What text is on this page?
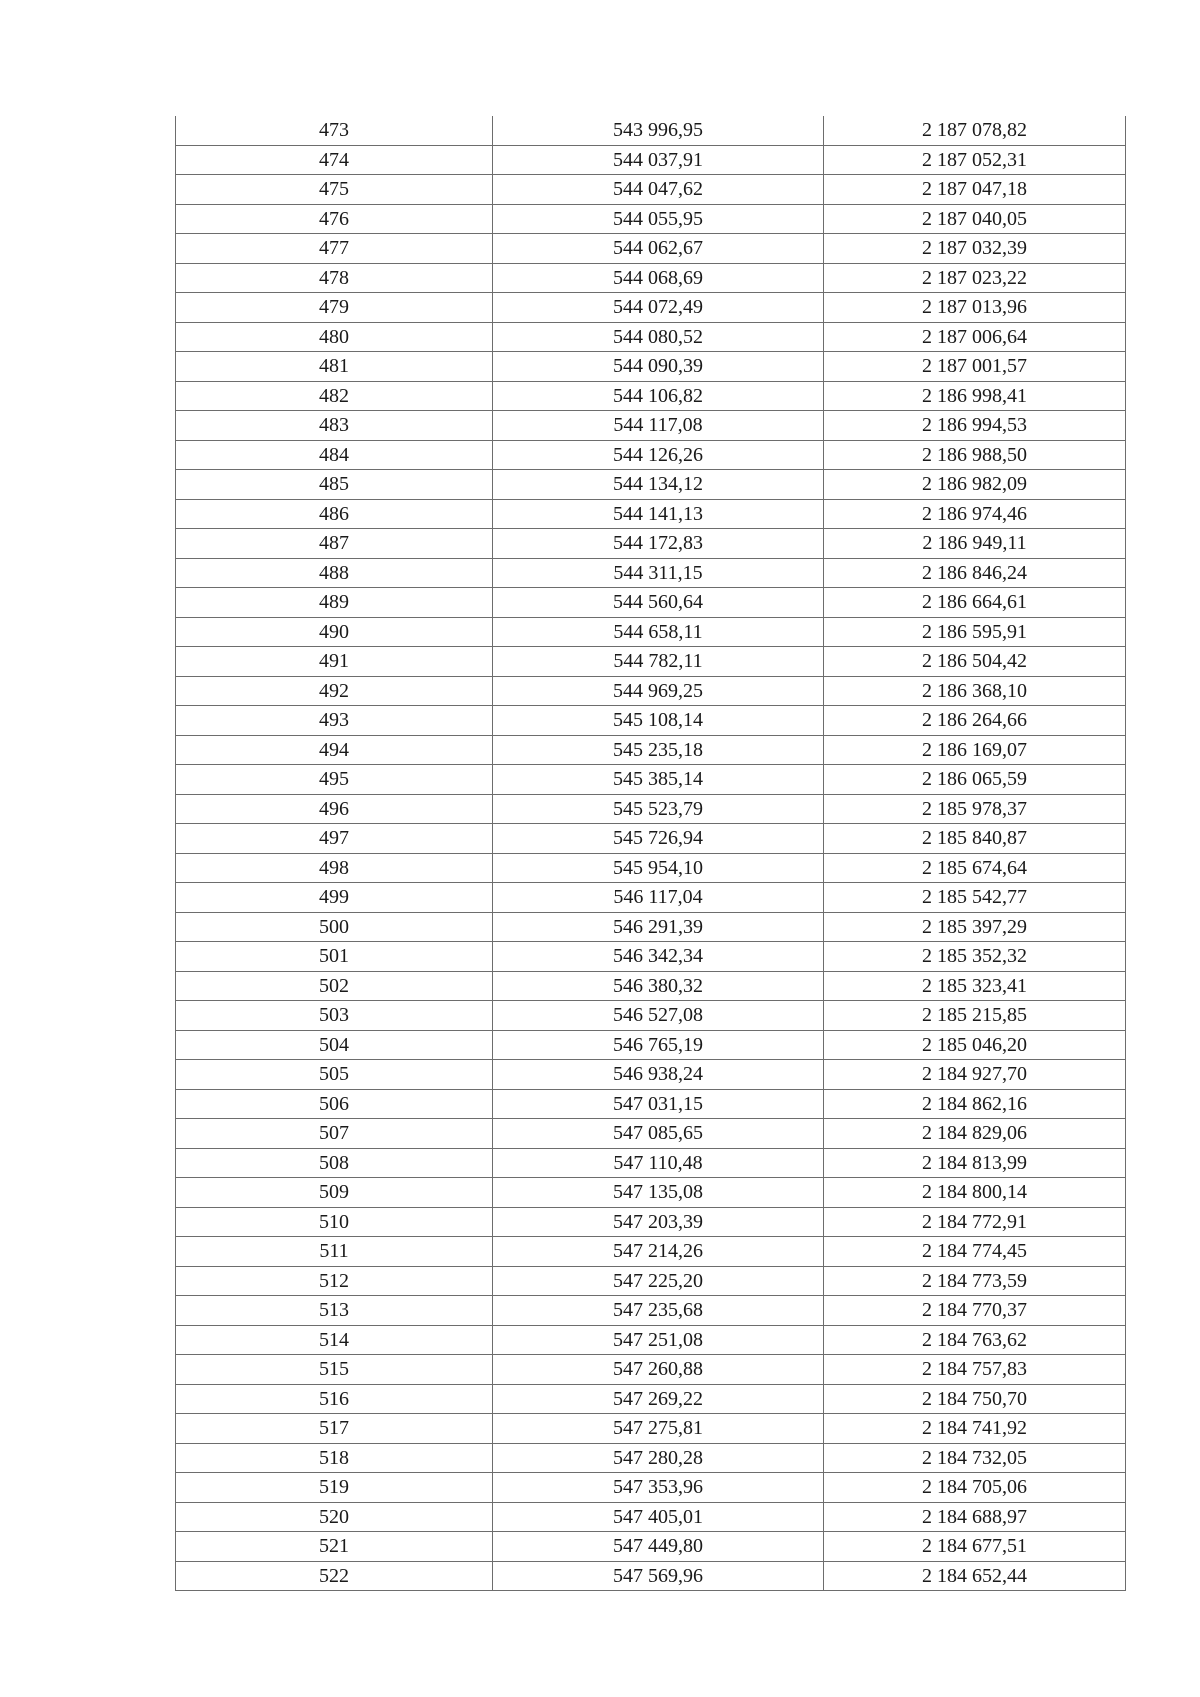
473	543 996,95	2 187 078,82
474	544 037,91	2 187 052,31
475	544 047,62	2 187 047,18
476	544 055,95	2 187 040,05
477	544 062,67	2 187 032,39
478	544 068,69	2 187 023,22
479	544 072,49	2 187 013,96
480	544 080,52	2 187 006,64
481	544 090,39	2 187 001,57
482	544 106,82	2 186 998,41
483	544 117,08	2 186 994,53
484	544 126,26	2 186 988,50
485	544 134,12	2 186 982,09
486	544 141,13	2 186 974,46
487	544 172,83	2 186 949,11
488	544 311,15	2 186 846,24
489	544 560,64	2 186 664,61
490	544 658,11	2 186 595,91
491	544 782,11	2 186 504,42
492	544 969,25	2 186 368,10
493	545 108,14	2 186 264,66
494	545 235,18	2 186 169,07
495	545 385,14	2 186 065,59
496	545 523,79	2 185 978,37
497	545 726,94	2 185 840,87
498	545 954,10	2 185 674,64
499	546 117,04	2 185 542,77
500	546 291,39	2 185 397,29
501	546 342,34	2 185 352,32
502	546 380,32	2 185 323,41
503	546 527,08	2 185 215,85
504	546 765,19	2 185 046,20
505	546 938,24	2 184 927,70
506	547 031,15	2 184 862,16
507	547 085,65	2 184 829,06
508	547 110,48	2 184 813,99
509	547 135,08	2 184 800,14
510	547 203,39	2 184 772,91
511	547 214,26	2 184 774,45
512	547 225,20	2 184 773,59
513	547 235,68	2 184 770,37
514	547 251,08	2 184 763,62
515	547 260,88	2 184 757,83
516	547 269,22	2 184 750,70
517	547 275,81	2 184 741,92
518	547 280,28	2 184 732,05
519	547 353,96	2 184 705,06
520	547 405,01	2 184 688,97
521	547 449,80	2 184 677,51
522	547 569,96	2 184 652,44
